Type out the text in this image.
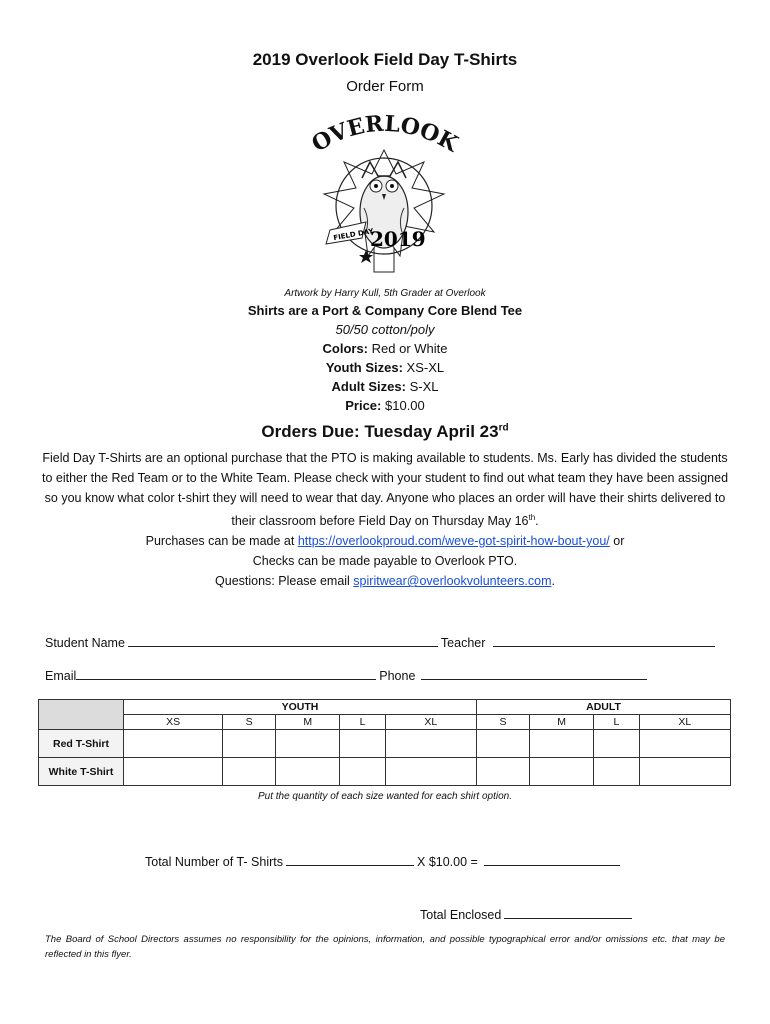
2019 Overlook Field Day T-Shirts
Order Form
OVERLOOK
FIELD DAY
2019
Artwork by Harry Kull, 5th Grader at Overlook
Shirts are a Port & Company Core Blend Tee
50/50 cotton/poly
Colors: Red or White
Youth Sizes: XS-XL
Adult Sizes: S-XL
Price: $10.00
Orders Due: Tuesday April 23rd
Field Day T-Shirts are an optional purchase that the PTO is making available to students. Ms. Early has divided the students to either the Red Team or to the White Team. Please check with your student to find out what team they have been assigned so you know what color t-shirt they will need to wear that day. Anyone who places an order will have their shirts delivered to their classroom before Field Day on Thursday May 16th.
Purchases can be made at https://overlookproud.com/weve-got-spirit-how-bout-you/ or
Checks can be made payable to Overlook PTO.
Questions: Please email spiritwear@overlookvolunteers.com.
Student Name	Teacher
Email	Phone
	YOUTH					ADULT			
	XS	S	M	L	XL	S	M	L	XL
Red T-Shirt									
White T-Shirt									
Put the quantity of each size wanted for each shirt option.
Total Number of T- Shirts	X $10.00 =
Total Enclosed
The Board of School Directors assumes no responsibility for the opinions, information, and possible typographical error and/or omissions etc. that may be reflected in this flyer.
